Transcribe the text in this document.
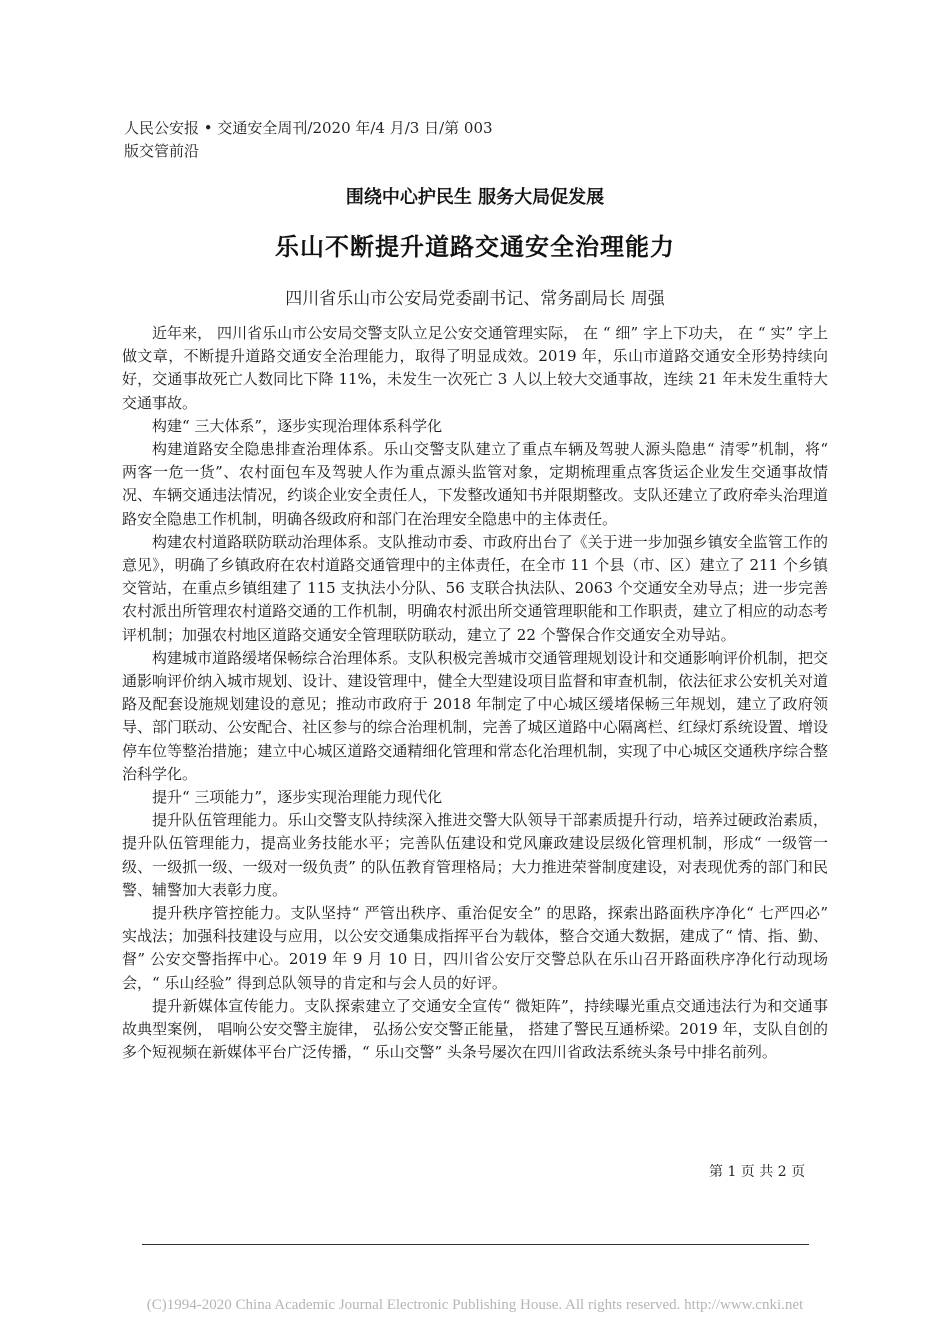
人民公安报 • 交通安全周刊/2020 年/4 月/3 日/第 003
版交管前沿
围绕中心护民生 服务大局促发展
乐山不断提升道路交通安全治理能力
四川省乐山市公安局党委副书记、常务副局长 周强

近年来， 四川省乐山市公安局交警支队立足公安交通管理实际， 在 “ 细” 字上下功夫， 在 “ 实” 字上做文章，不断提升道路交通安全治理能力，取得了明显成效。2019 年，乐山市道路交通安全形势持续向好，交通事故死亡人数同比下降 11%，未发生一次死亡 3 人以上较大交通事故，连续 21 年未发生重特大交通事故。

构建“ 三大体系”，逐步实现治理体系科学化

构建道路安全隐患排查治理体系。乐山交警支队建立了重点车辆及驾驶人源头隐患“ 清零”机制，将“ 两客一危一货”、农村面包车及驾驶人作为重点源头监管对象，定期梳理重点客货运企业发生交通事故情况、车辆交通违法情况，约谈企业安全责任人，下发整改通知书并限期整改。支队还建立了政府牵头治理道路安全隐患工作机制，明确各级政府和部门在治理安全隐患中的主体责任。

构建农村道路联防联动治理体系。支队推动市委、市政府出台了《关于进一步加强乡镇安全监管工作的意见》，明确了乡镇政府在农村道路交通管理中的主体责任，在全市 11 个县（市、区）建立了 211 个乡镇交管站，在重点乡镇组建了 115 支执法小分队、56 支联合执法队、2063 个交通安全劝导点；进一步完善农村派出所管理农村道路交通的工作机制，明确农村派出所交通管理职能和工作职责，建立了相应的动态考评机制；加强农村地区道路交通安全管理联防联动，建立了 22 个警保合作交通安全劝导站。

构建城市道路缓堵保畅综合治理体系。支队积极完善城市交通管理规划设计和交通影响评价机制，把交通影响评价纳入城市规划、设计、建设管理中，健全大型建设项目监督和审查机制，依法征求公安机关对道路及配套设施规划建设的意见；推动市政府于 2018 年制定了中心城区缓堵保畅三年规划，建立了政府领导、部门联动、公安配合、社区参与的综合治理机制，完善了城区道路中心隔离栏、红绿灯系统设置、增设停车位等整治措施；建立中心城区道路交通精细化管理和常态化治理机制，实现了中心城区交通秩序综合整治科学化。

提升“ 三项能力”，逐步实现治理能力现代化

提升队伍管理能力。乐山交警支队持续深入推进交警大队领导干部素质提升行动，培养过硬政治素质，提升队伍管理能力，提高业务技能水平；完善队伍建设和党风廉政建设层级化管理机制，形成“ 一级管一级、一级抓一级、一级对一级负责” 的队伍教育管理格局；大力推进荣誉制度建设，对表现优秀的部门和民警、辅警加大表彰力度。

提升秩序管控能力。支队坚持“ 严管出秩序、重治促安全” 的思路，探索出路面秩序净化“ 七严四必” 实战法；加强科技建设与应用，以公安交通集成指挥平台为载体，整合交通大数据，建成了“ 情、指、勤、督” 公安交警指挥中心。2019 年 9 月 10 日，四川省公安厅交警总队在乐山召开路面秩序净化行动现场会，“ 乐山经验” 得到总队领导的肯定和与会人员的好评。

提升新媒体宣传能力。支队探索建立了交通安全宣传“ 微矩阵”，持续曝光重点交通违法行为和交通事故典型案例， 唱响公安交警主旋律， 弘扬公安交警正能量， 搭建了警民互通桥梁。2019 年，支队自创的多个短视频在新媒体平台广泛传播，“ 乐山交警” 头条号屡次在四川省政法系统头条号中排名前列。

第 1 页 共 2 页
(C)1994-2020 China Academic Journal Electronic Publishing House. All rights reserved. http://www.cnki.net
